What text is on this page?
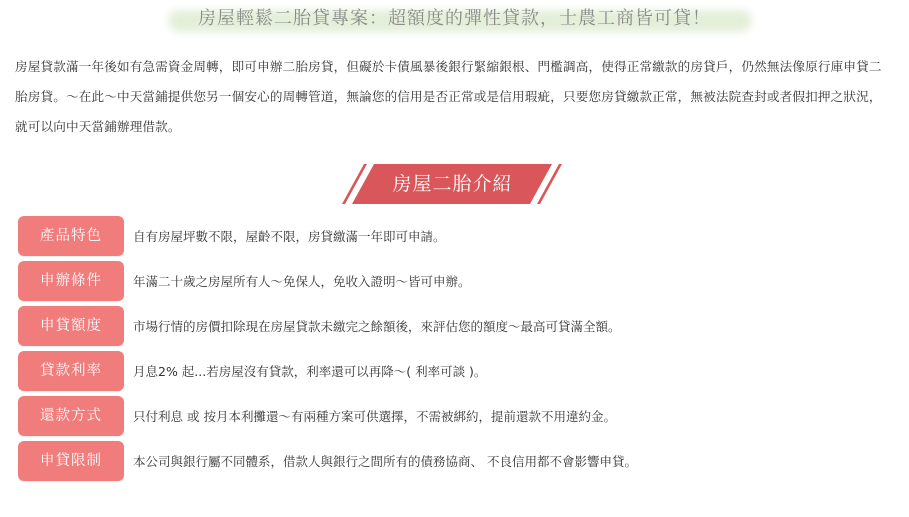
房屋輕鬆二胎貸專案：超額度的彈性貸款，士農工商皆可貸！
房屋貸款滿一年後如有急需資金周轉，即可申辦二胎房貸，但礙於卡債風暴後銀行緊縮銀根、門檻調高，使得正常繳款的房貸戶，仍然無法像原行庫申貸二胎房貸。～在此～中天當鋪提供您另一個安心的周轉管道，無論您的信用是否正常或是信用瑕疵，只要您房貸繳款正常，無被法院查封或者假扣押之狀況，就可以向中天當鋪辦理借款。
房屋二胎介紹
產品特色	自有房屋坪數不限，屋齡不限，房貸繳滿一年即可申請。
申辦條件	年滿二十歲之房屋所有人～免保人，免收入證明～皆可申辦。
申貸額度	市場行情的房價扣除現在房屋貸款未繳完之餘額後，來評估您的額度～最高可貸滿全額。
貸款利率	月息2% 起...若房屋沒有貸款，利率還可以再降～( 利率可談 )。
還款方式	只付利息 或 按月本利攤還～有兩種方案可供選擇，不需被綁約，提前還款不用違約金。
申貸限制	本公司與銀行屬不同體系，借款人與銀行之間所有的債務協商、 不良信用都不會影響申貸。
